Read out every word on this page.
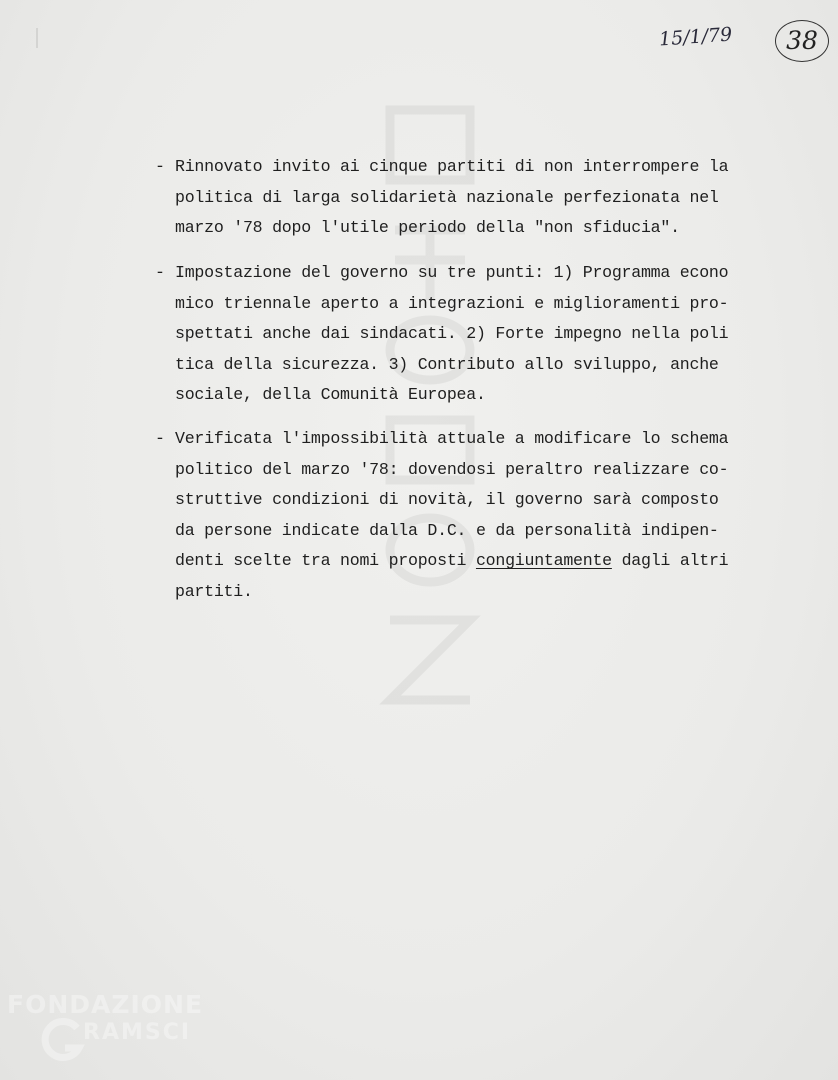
15/1/79	38
- Rinnovato invito ai cinque partiti di non interrompere la
politica di larga solidarietà nazionale perfezionata nel
marzo '78 dopo l'utile periodo della "non sfiducia".
- Impostazione del governo su tre punti: 1) Programma econo
mico triennale aperto a integrazioni e miglioramenti pro-
spettati anche dai sindacati. 2) Forte impegno nella poli
tica della sicurezza. 3) Contributo allo sviluppo, anche
sociale, della Comunità Europea.
- Verificata l'impossibilità attuale a modificare lo schema
politico del marzo '78: dovendosi peraltro realizzare co-
struttive condizioni di novità, il governo sarà composto
da persone indicate dalla D.C. e da personalità indipen-
denti scelte tra nomi proposti congiuntamente dagli altri
partiti.
FONDAZIONE
G
RAMSCI
